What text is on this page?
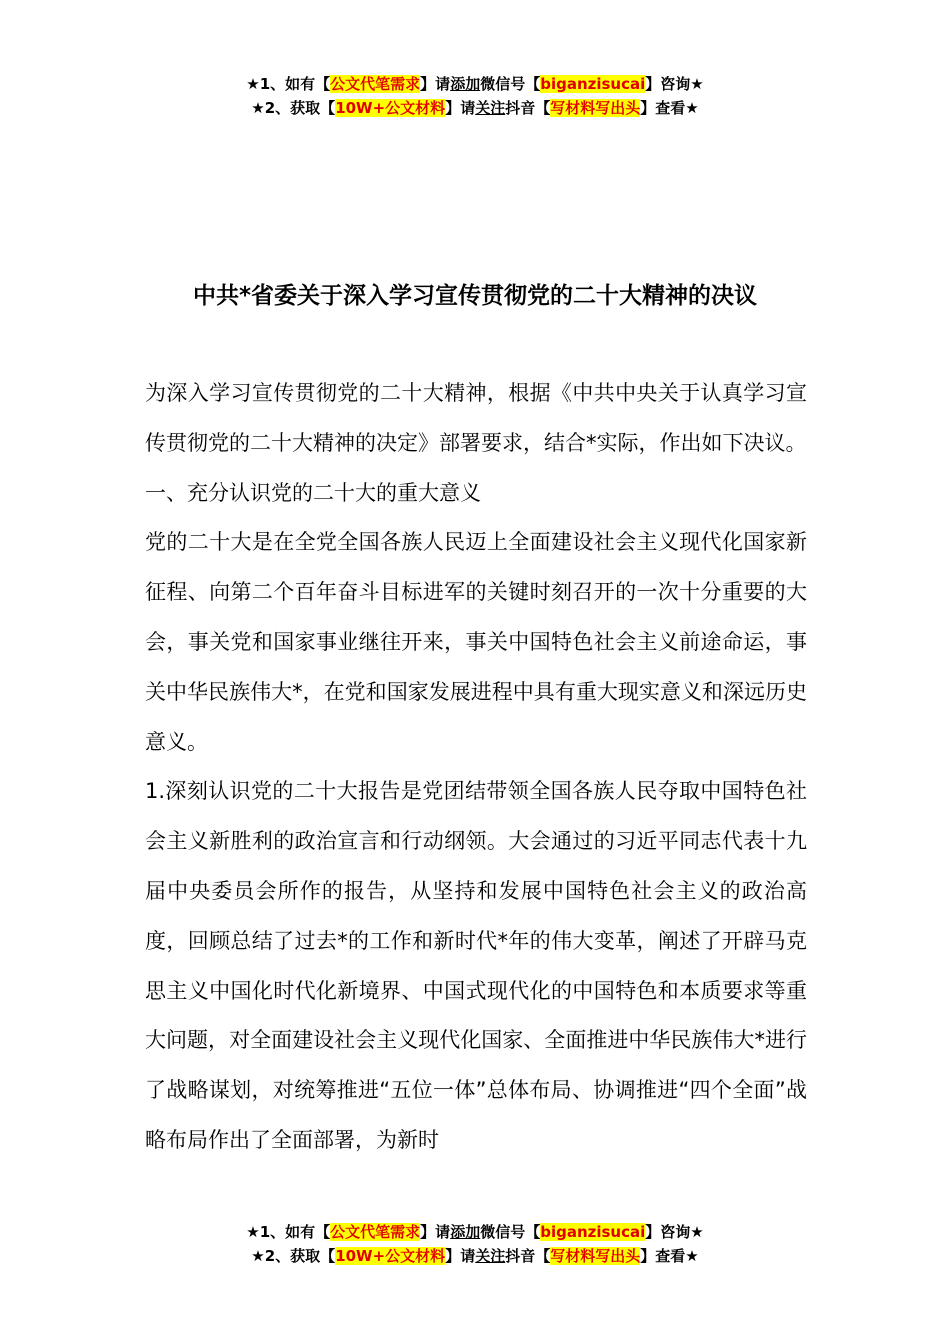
★1、如有【公文代笔需求】请添加微信号【biganzisucai】咨询★
★2、获取【10W+公文材料】请关注抖音【写材料写出头】查看★
中共*省委关于深入学习宣传贯彻党的二十大精神的决议

为深入学习宣传贯彻党的二十大精神，根据《中共中央关于认真学习宣传贯彻党的二十大精神的决定》部署要求，结合*实际，作出如下决议。

一、充分认识党的二十大的重大意义

党的二十大是在全党全国各族人民迈上全面建设社会主义现代化国家新征程、向第二个百年奋斗目标进军的关键时刻召开的一次十分重要的大会，事关党和国家事业继往开来，事关中国特色社会主义前途命运，事关中华民族伟大*，在党和国家发展进程中具有重大现实意义和深远历史意义。

1.深刻认识党的二十大报告是党团结带领全国各族人民夺取中国特色社会主义新胜利的政治宣言和行动纲领。大会通过的习近平同志代表十九届中央委员会所作的报告，从坚持和发展中国特色社会主义的政治高度，回顾总结了过去*的工作和新时代*年的伟大变革，阐述了开辟马克思主义中国化时代化新境界、中国式现代化的中国特色和本质要求等重大问题，对全面建设社会主义现代化国家、全面推进中华民族伟大*进行了战略谋划，对统筹推进“五位一体”总体布局、协调推进“四个全面”战略布局作出了全面部署，为新时

★1、如有【公文代笔需求】请添加微信号【biganzisucai】咨询★
★2、获取【10W+公文材料】请关注抖音【写材料写出头】查看★
